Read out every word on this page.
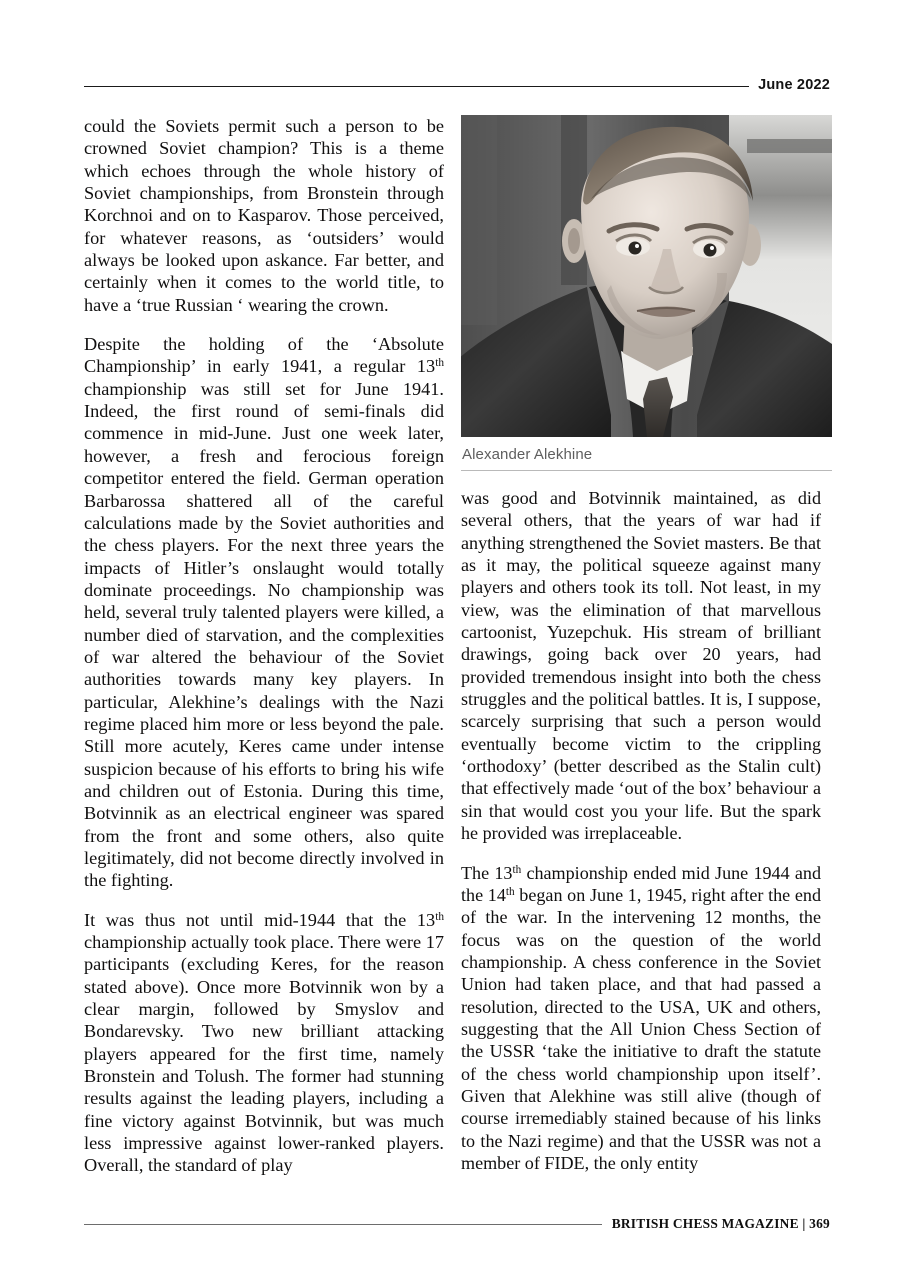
June 2022
Alexander Alekhine

could the Soviets permit such a person to be crowned Soviet champion? This is a theme which echoes through the whole history of Soviet championships, from Bronstein through Korchnoi and on to Kasparov. Those perceived, for whatever reasons, as ‘outsiders’ would always be looked upon askance. Far better, and certainly when it comes to the world title, to have a ‘true Russian ‘ wearing the crown.

Despite the holding of the ‘Absolute Championship’ in early 1941, a regular 13th championship was still set for June 1941. Indeed, the first round of semi-finals did commence in mid-June. Just one week later, however, a fresh and ferocious foreign competitor entered the field. German operation Barbarossa shattered all of the careful calculations made by the Soviet authorities and the chess players. For the next three years the impacts of Hitler’s onslaught would totally dominate proceedings. No championship was held, several truly talented players were killed, a number died of starvation, and the complexities of war altered the behaviour of the Soviet authorities towards many key players. In particular, Alekhine’s dealings with the Nazi regime placed him more or less beyond the pale. Still more acutely, Keres came under intense suspicion because of his efforts to bring his wife and children out of Estonia. During this time, Botvinnik as an electrical engineer was spared from the front and some others, also quite legitimately, did not become directly involved in the fighting.

It was thus not until mid-1944 that the 13th championship actually took place. There were 17 participants (excluding Keres, for the reason stated above). Once more Botvinnik won by a clear margin, followed by Smyslov and Bondarevsky. Two new brilliant attacking players appeared for the first time, namely Bronstein and Tolush. The former had stunning results against the leading players, including a fine victory against Botvinnik, but was much less impressive against lower-ranked players. Overall, the standard of play

was good and Botvinnik maintained, as did several others, that the years of war had if anything strengthened the Soviet masters. Be that as it may, the political squeeze against many players and others took its toll. Not least, in my view, was the elimination of that marvellous cartoonist, Yuzepchuk. His stream of brilliant drawings, going back over 20 years, had provided tremendous insight into both the chess struggles and the political battles. It is, I suppose, scarcely surprising that such a person would eventually become victim to the crippling ‘orthodoxy’ (better described as the Stalin cult) that effectively made ‘out of the box’ behaviour a sin that would cost you your life. But the spark he provided was irreplaceable.

The 13th championship ended mid June 1944 and the 14th began on June 1, 1945, right after the end of the war. In the intervening 12 months, the focus was on the question of the world championship. A chess conference in the Soviet Union had taken place, and that had passed a resolution, directed to the USA, UK and others, suggesting that the All Union Chess Section of the USSR ‘take the initiative to draft the statute of the chess world championship upon itself’. Given that Alekhine was still alive (though of course irremediably stained because of his links to the Nazi regime) and that the USSR was not a member of FIDE, the only entity

BRITISH CHESS MAGAZINE | 369
